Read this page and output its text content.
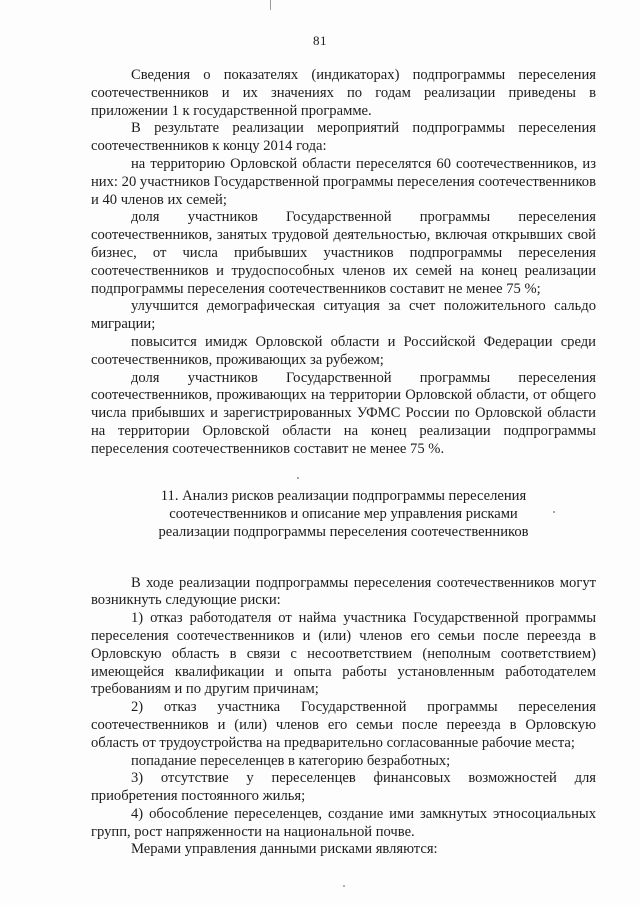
81

Сведения о показателях (индикаторах) подпрограммы переселения соотечественников и их значениях по годам реализации приведены в приложении 1 к государственной программе.

В результате реализации мероприятий подпрограммы переселения соотечественников к концу 2014 года:

на территорию Орловской области переселятся 60 соотечественников, из них: 20 участников Государственной программы переселения соотечественников и 40 членов их семей;

доля участников Государственной программы переселения соотечественников, занятых трудовой деятельностью, включая открывших свой бизнес, от числа прибывших участников подпрограммы переселения соотечественников и трудоспособных членов их семей на конец реализации подпрограммы переселения соотечественников составит не менее 75 %;

улучшится демографическая ситуация за счет положительного сальдо миграции;

повысится имидж Орловской области и Российской Федерации среди соотечественников, проживающих за рубежом;

доля участников Государственной программы переселения соотечественников, проживающих на территории Орловской области, от общего числа прибывших и зарегистрированных УФМС России по Орловской области на территории Орловской области на конец реализации подпрограммы переселения соотечественников составит не менее 75 %.

11. Анализ рисков реализации подпрограммы переселения
соотечественников и описание мер управления рисками
реализации подпрограммы переселения соотечественников

В ходе реализации подпрограммы переселения соотечественников могут возникнуть следующие риски:

1) отказ работодателя от найма участника Государственной программы переселения соотечественников и (или) членов его семьи после переезда в Орловскую область в связи с несоответствием (неполным соответствием) имеющейся квалификации и опыта работы установленным работодателем требованиям и по другим причинам;

2) отказ участника Государственной программы переселения соотечественников и (или) членов его семьи после переезда в Орловскую область от трудоустройства на предварительно согласованные рабочие места;

попадание переселенцев в категорию безработных;

3) отсутствие у переселенцев финансовых возможностей для приобретения постоянного жилья;

4) обособление переселенцев, создание ими замкнутых этносоциальных групп, рост напряженности на национальной почве.

Мерами управления данными рисками являются:
